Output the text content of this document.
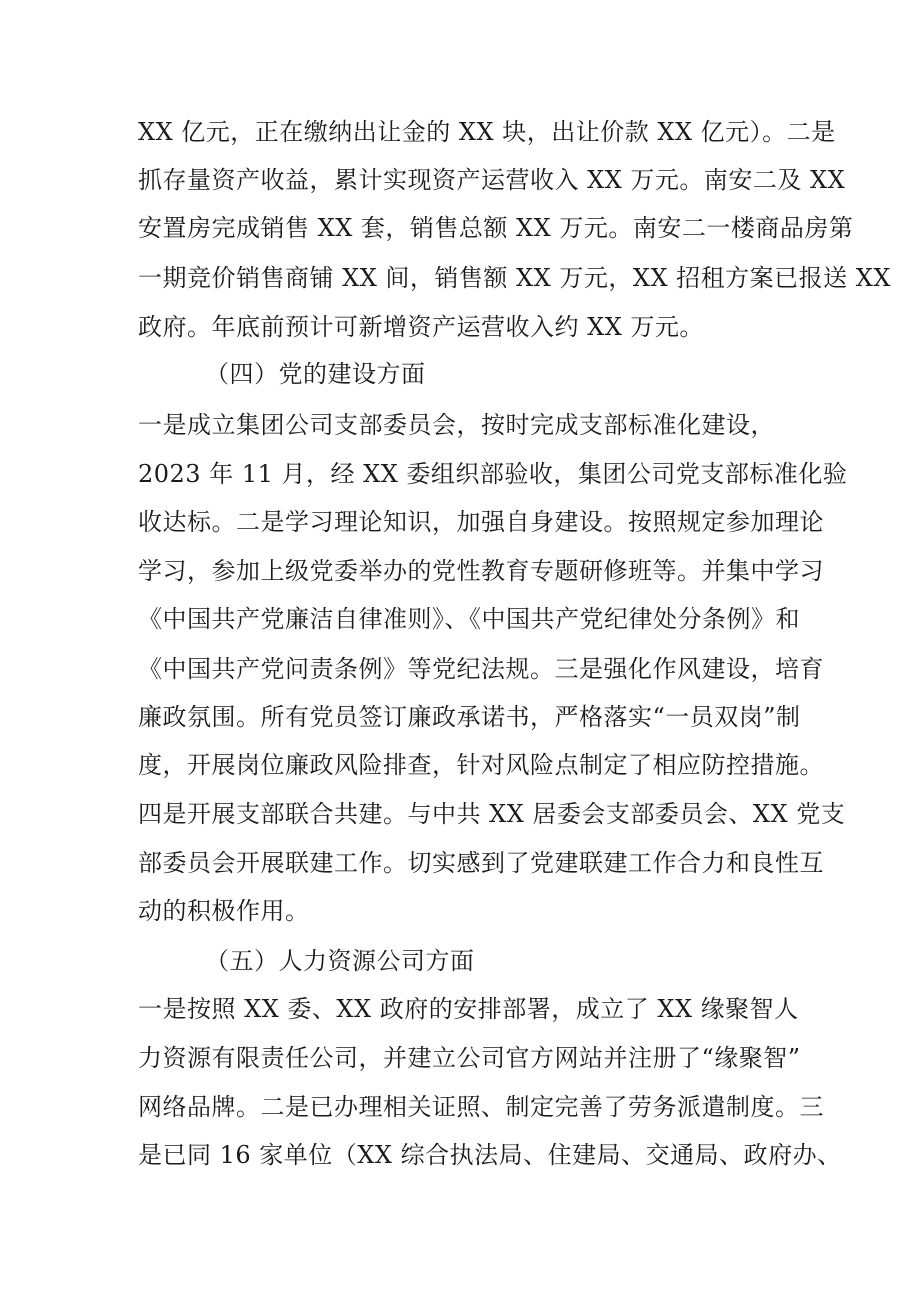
XX 亿元，正在缴纳出让金的 XX 块，出让价款 XX 亿元）。二是
抓存量资产收益，累计实现资产运营收入 XX 万元。南安二及 XX
安置房完成销售 XX 套，销售总额 XX 万元。南安二一楼商品房第
一期竞价销售商铺 XX 间，销售额 XX 万元，XX 招租方案已报送 XX
政府。年底前预计可新增资产运营收入约 XX 万元。
（四）党的建设方面
一是成立集团公司支部委员会，按时完成支部标准化建设，
2023 年 11 月，经 XX 委组织部验收，集团公司党支部标准化验
收达标。二是学习理论知识，加强自身建设。按照规定参加理论
学习，参加上级党委举办的党性教育专题研修班等。并集中学习
《中国共产党廉洁自律准则》、《中国共产党纪律处分条例》和
《中国共产党问责条例》等党纪法规。三是强化作风建设，培育
廉政氛围。所有党员签订廉政承诺书，严格落实“一员双岗”制
度，开展岗位廉政风险排查，针对风险点制定了相应防控措施。
四是开展支部联合共建。与中共 XX 居委会支部委员会、XX 党支
部委员会开展联建工作。切实感到了党建联建工作合力和良性互
动的积极作用。
（五）人力资源公司方面
一是按照 XX 委、XX 政府的安排部署，成立了 XX 缘聚智人
力资源有限责任公司，并建立公司官方网站并注册了“缘聚智”
网络品牌。二是已办理相关证照、制定完善了劳务派遣制度。三
是已同 16 家单位（XX 综合执法局、住建局、交通局、政府办、
